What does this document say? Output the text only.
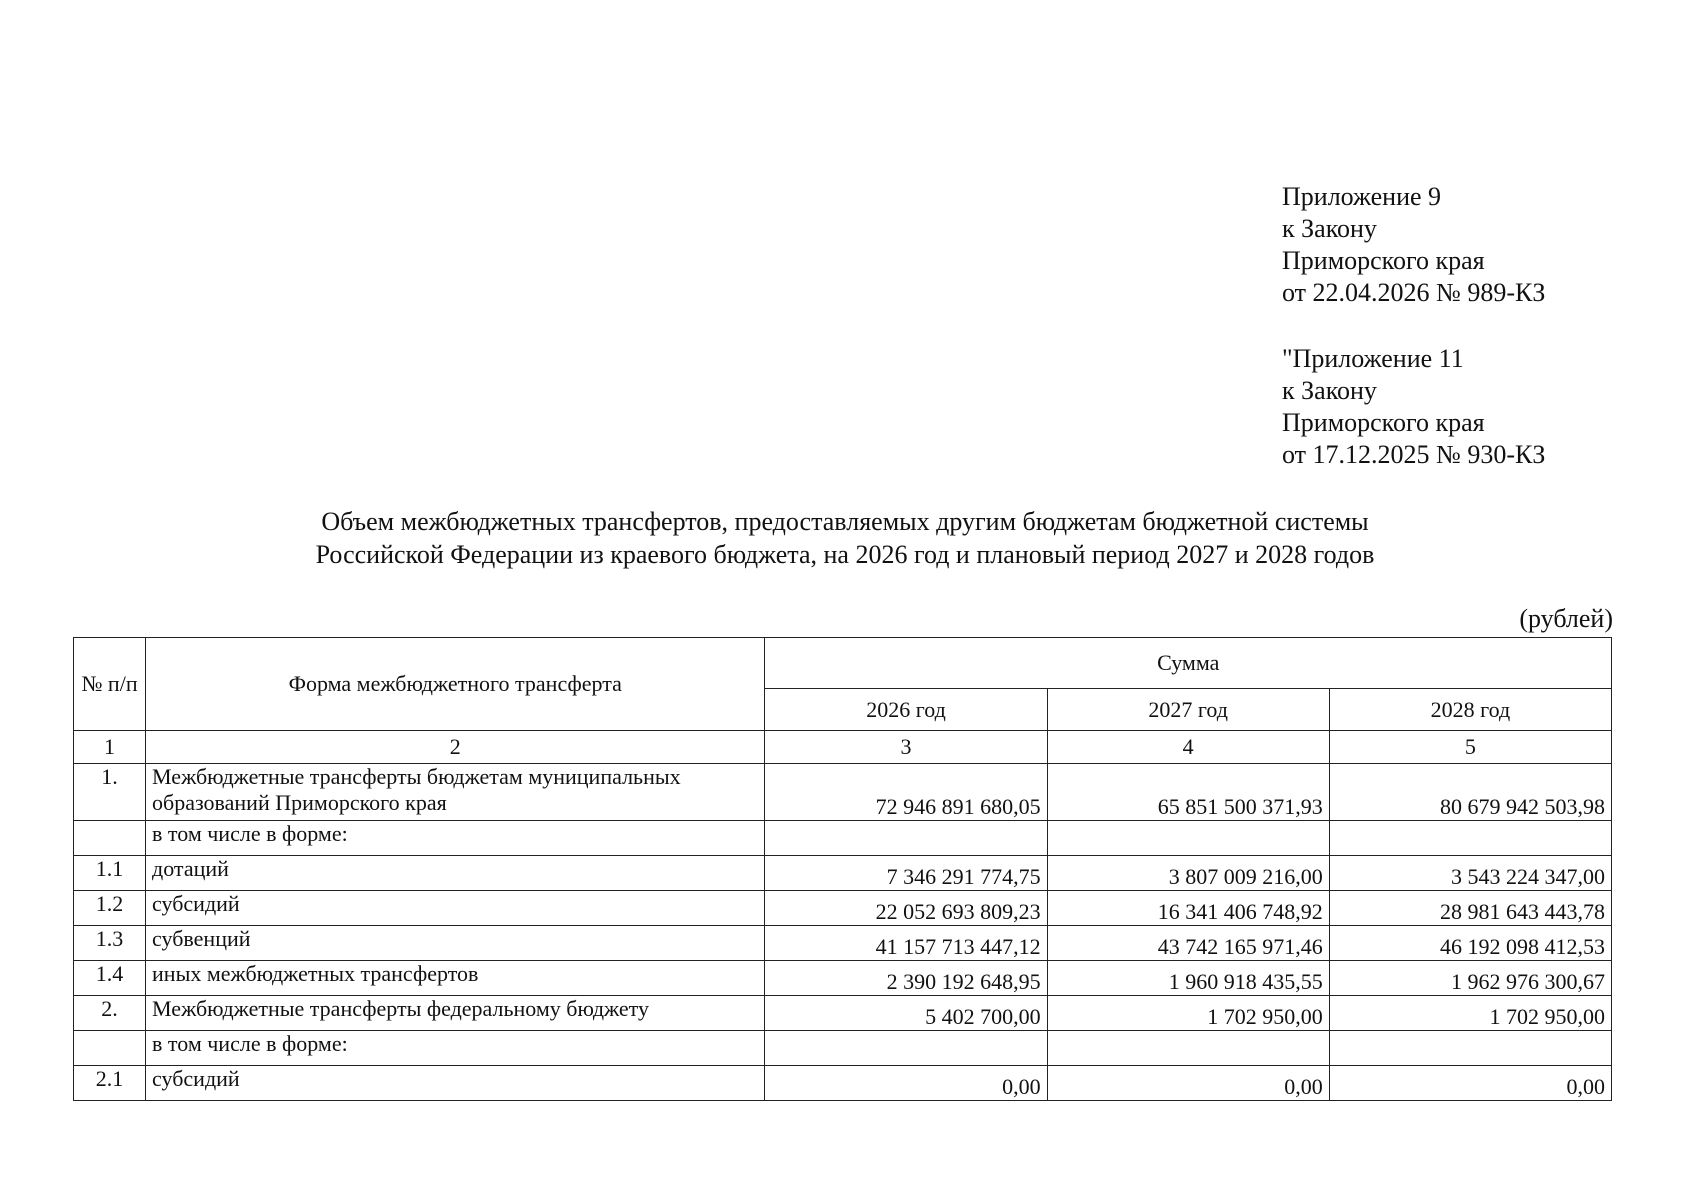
Приложение 9
к Закону
Приморского края
от 22.04.2026 № 989-КЗ
"Приложение 11
к Закону
Приморского края
от 17.12.2025 № 930-КЗ
Объем межбюджетных трансфертов, предоставляемых другим бюджетам бюджетной системы
Российской Федерации из краевого бюджета, на 2026 год и плановый период 2027 и 2028 годов
(рублей)
№ п/п	Форма межбюджетного трансферта	Сумма		
		2026 год	2027 год	2028 год
1	2	3	4	5
1.	Межбюджетные трансферты бюджетам муниципальных образований Приморского края	72 946 891 680,05	65 851 500 371,93	80 679 942 503,98
	в том числе в форме:			
1.1	дотаций	7 346 291 774,75	3 807 009 216,00	3 543 224 347,00
1.2	субсидий	22 052 693 809,23	16 341 406 748,92	28 981 643 443,78
1.3	субвенций	41 157 713 447,12	43 742 165 971,46	46 192 098 412,53
1.4	иных межбюджетных трансфертов	2 390 192 648,95	1 960 918 435,55	1 962 976 300,67
2.	Межбюджетные трансферты федеральному бюджету	5 402 700,00	1 702 950,00	1 702 950,00
	в том числе в форме:			
2.1	субсидий	0,00	0,00	0,00
